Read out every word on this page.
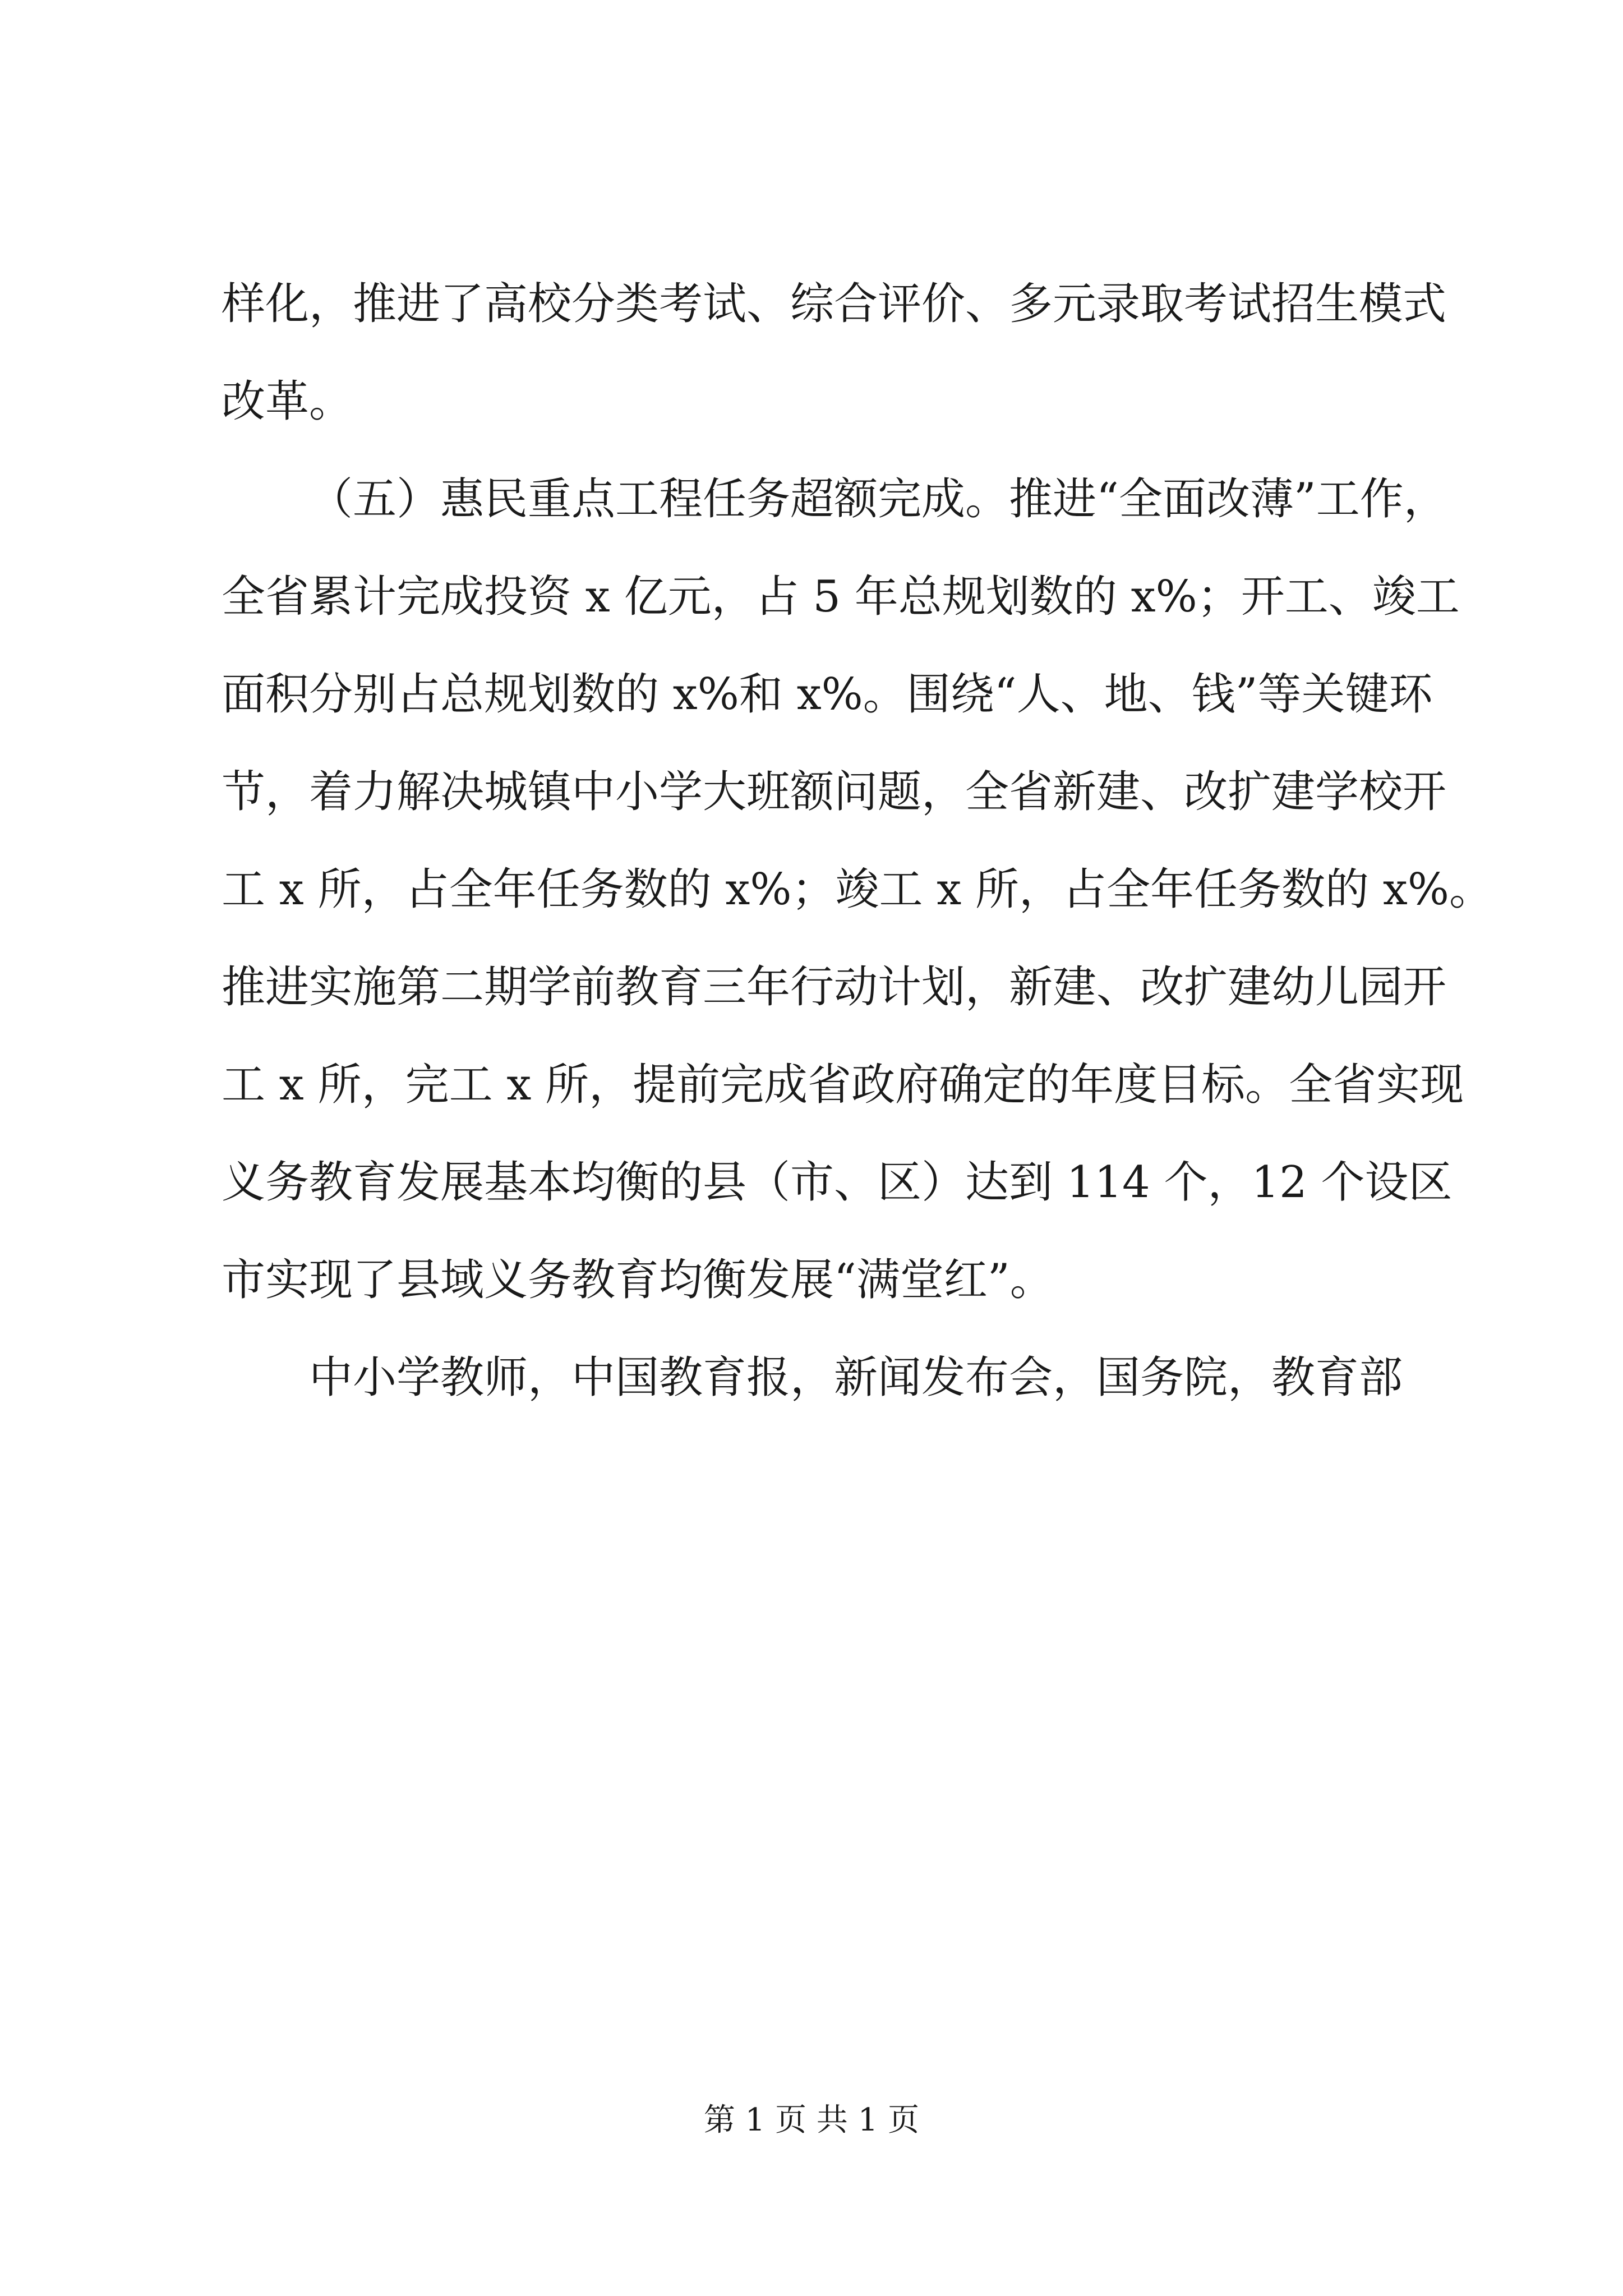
样化，推进了高校分类考试、综合评价、多元录取考试招生模式
改革。
（五）惠民重点工程任务超额完成。推进“全面改薄”工作，
全省累计完成投资 x 亿元，占 5 年总规划数的 x%；开工、竣工
面积分别占总规划数的 x%和 x%。围绕“人、地、钱”等关键环
节，着力解决城镇中小学大班额问题，全省新建、改扩建学校开
工 x 所，占全年任务数的 x%；竣工 x 所，占全年任务数的 x%。
推进实施第二期学前教育三年行动计划，新建、改扩建幼儿园开
工 x 所，完工 x 所，提前完成省政府确定的年度目标。全省实现
义务教育发展基本均衡的县（市、区）达到 114 个，12 个设区
市实现了县域义务教育均衡发展“满堂红”。
中小学教师，中国教育报，新闻发布会，国务院，教育部
第 1 页 共 1 页
